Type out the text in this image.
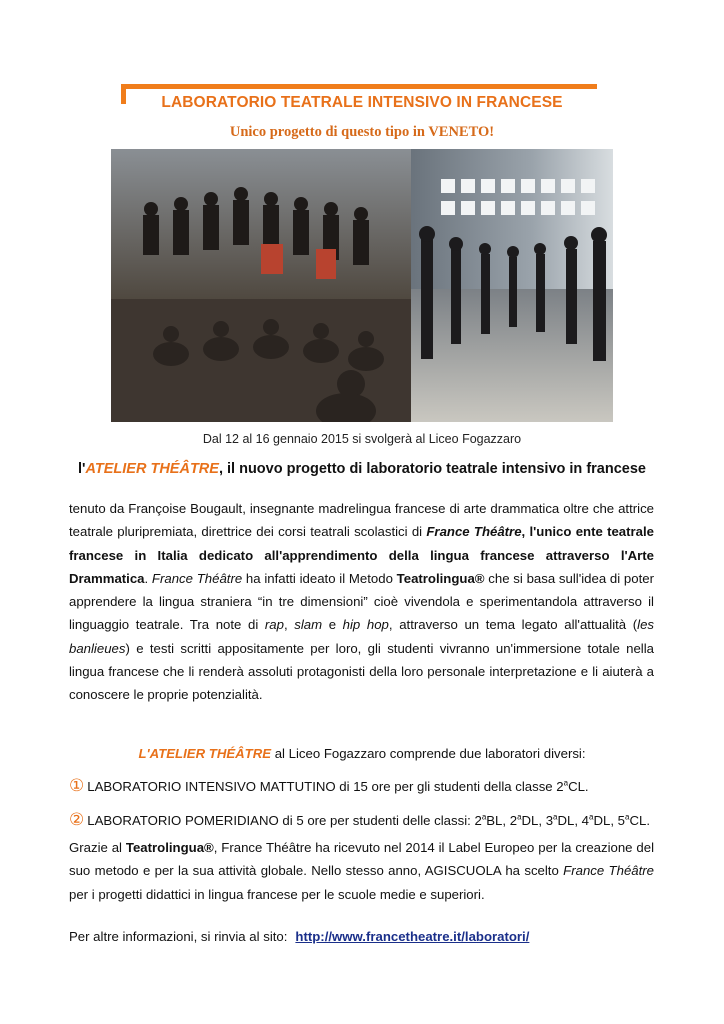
LABORATORIO TEATRALE INTENSIVO IN FRANCESE
Unico progetto di questo tipo in VENETO!
Dal 12 al 16 gennaio 2015 si svolgerà al Liceo Fogazzaro
l'ATELIER THÉÂTRE, il nuovo progetto di laboratorio teatrale intensivo in francese

tenuto da Françoise Bougault, insegnante madrelingua francese di arte drammatica oltre che attrice teatrale pluripremiata, direttrice dei corsi teatrali scolastici di France Théâtre, l'unico ente teatrale francese in Italia dedicato all'apprendimento della lingua francese attraverso l'Arte Drammatica. France Théâtre ha infatti ideato il Metodo Teatrolingua® che si basa sull'idea di poter apprendere la lingua straniera “in tre dimensioni” cioè vivendola e sperimentandola attraverso il linguaggio teatrale. Tra note di rap, slam e hip hop, attraverso un tema legato all'attualità (les banlieues) e testi scritti appositamente per loro, gli studenti vivranno un'immersione totale nella lingua francese che li renderà assoluti protagonisti della loro personale interpretazione e li aiuterà a conoscere le proprie potenzialità.

L'ATELIER THÉÂTRE al Liceo Fogazzaro comprende due laboratori diversi:
① LABORATORIO INTENSIVO MATTUTINO di 15 ore per gli studenti della classe 2$^a$CL.
② LABORATORIO POMERIDIANO di 5 ore per studenti delle classi: 2$^a$BL, 2$^a$DL, 3$^a$DL, 4$^a$DL, 5$^a$CL.
Grazie al Teatrolingua®, France Théâtre ha ricevuto nel 2014 il Label Europeo per la creazione del suo metodo e per la sua attività globale. Nello stesso anno, AGISCUOLA ha scelto France Théâtre per i progetti didattici in lingua francese per le scuole medie e superiori.
Per altre informazioni, si rinvia al sito: http://www.francetheatre.it/laboratori/
